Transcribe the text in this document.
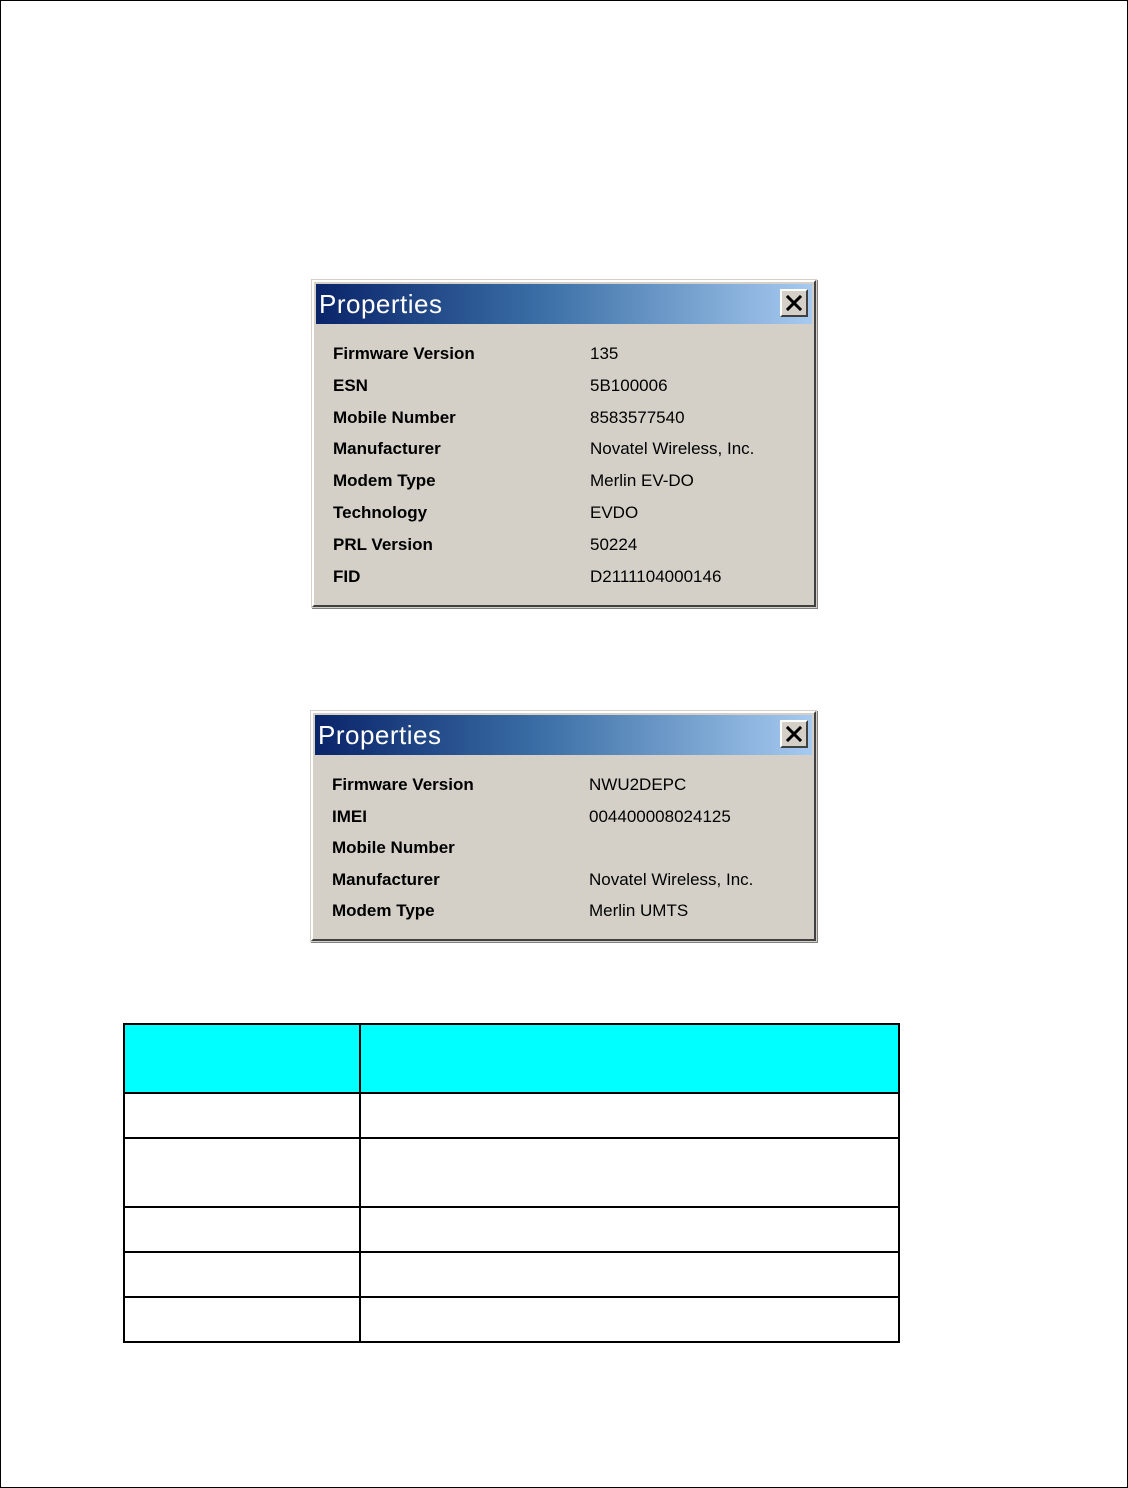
Properties
Firmware Version	135
ESN	5B100006
Mobile Number	8583577540
Manufacturer	Novatel Wireless, Inc.
Modem Type	Merlin EV-DO
Technology	EVDO
PRL Version	50224
FID	D2111104000146
Properties
Firmware Version	NWU2DEPC
IMEI	004400008024125
Mobile Number
Manufacturer	Novatel Wireless, Inc.
Modem Type	Merlin UMTS
